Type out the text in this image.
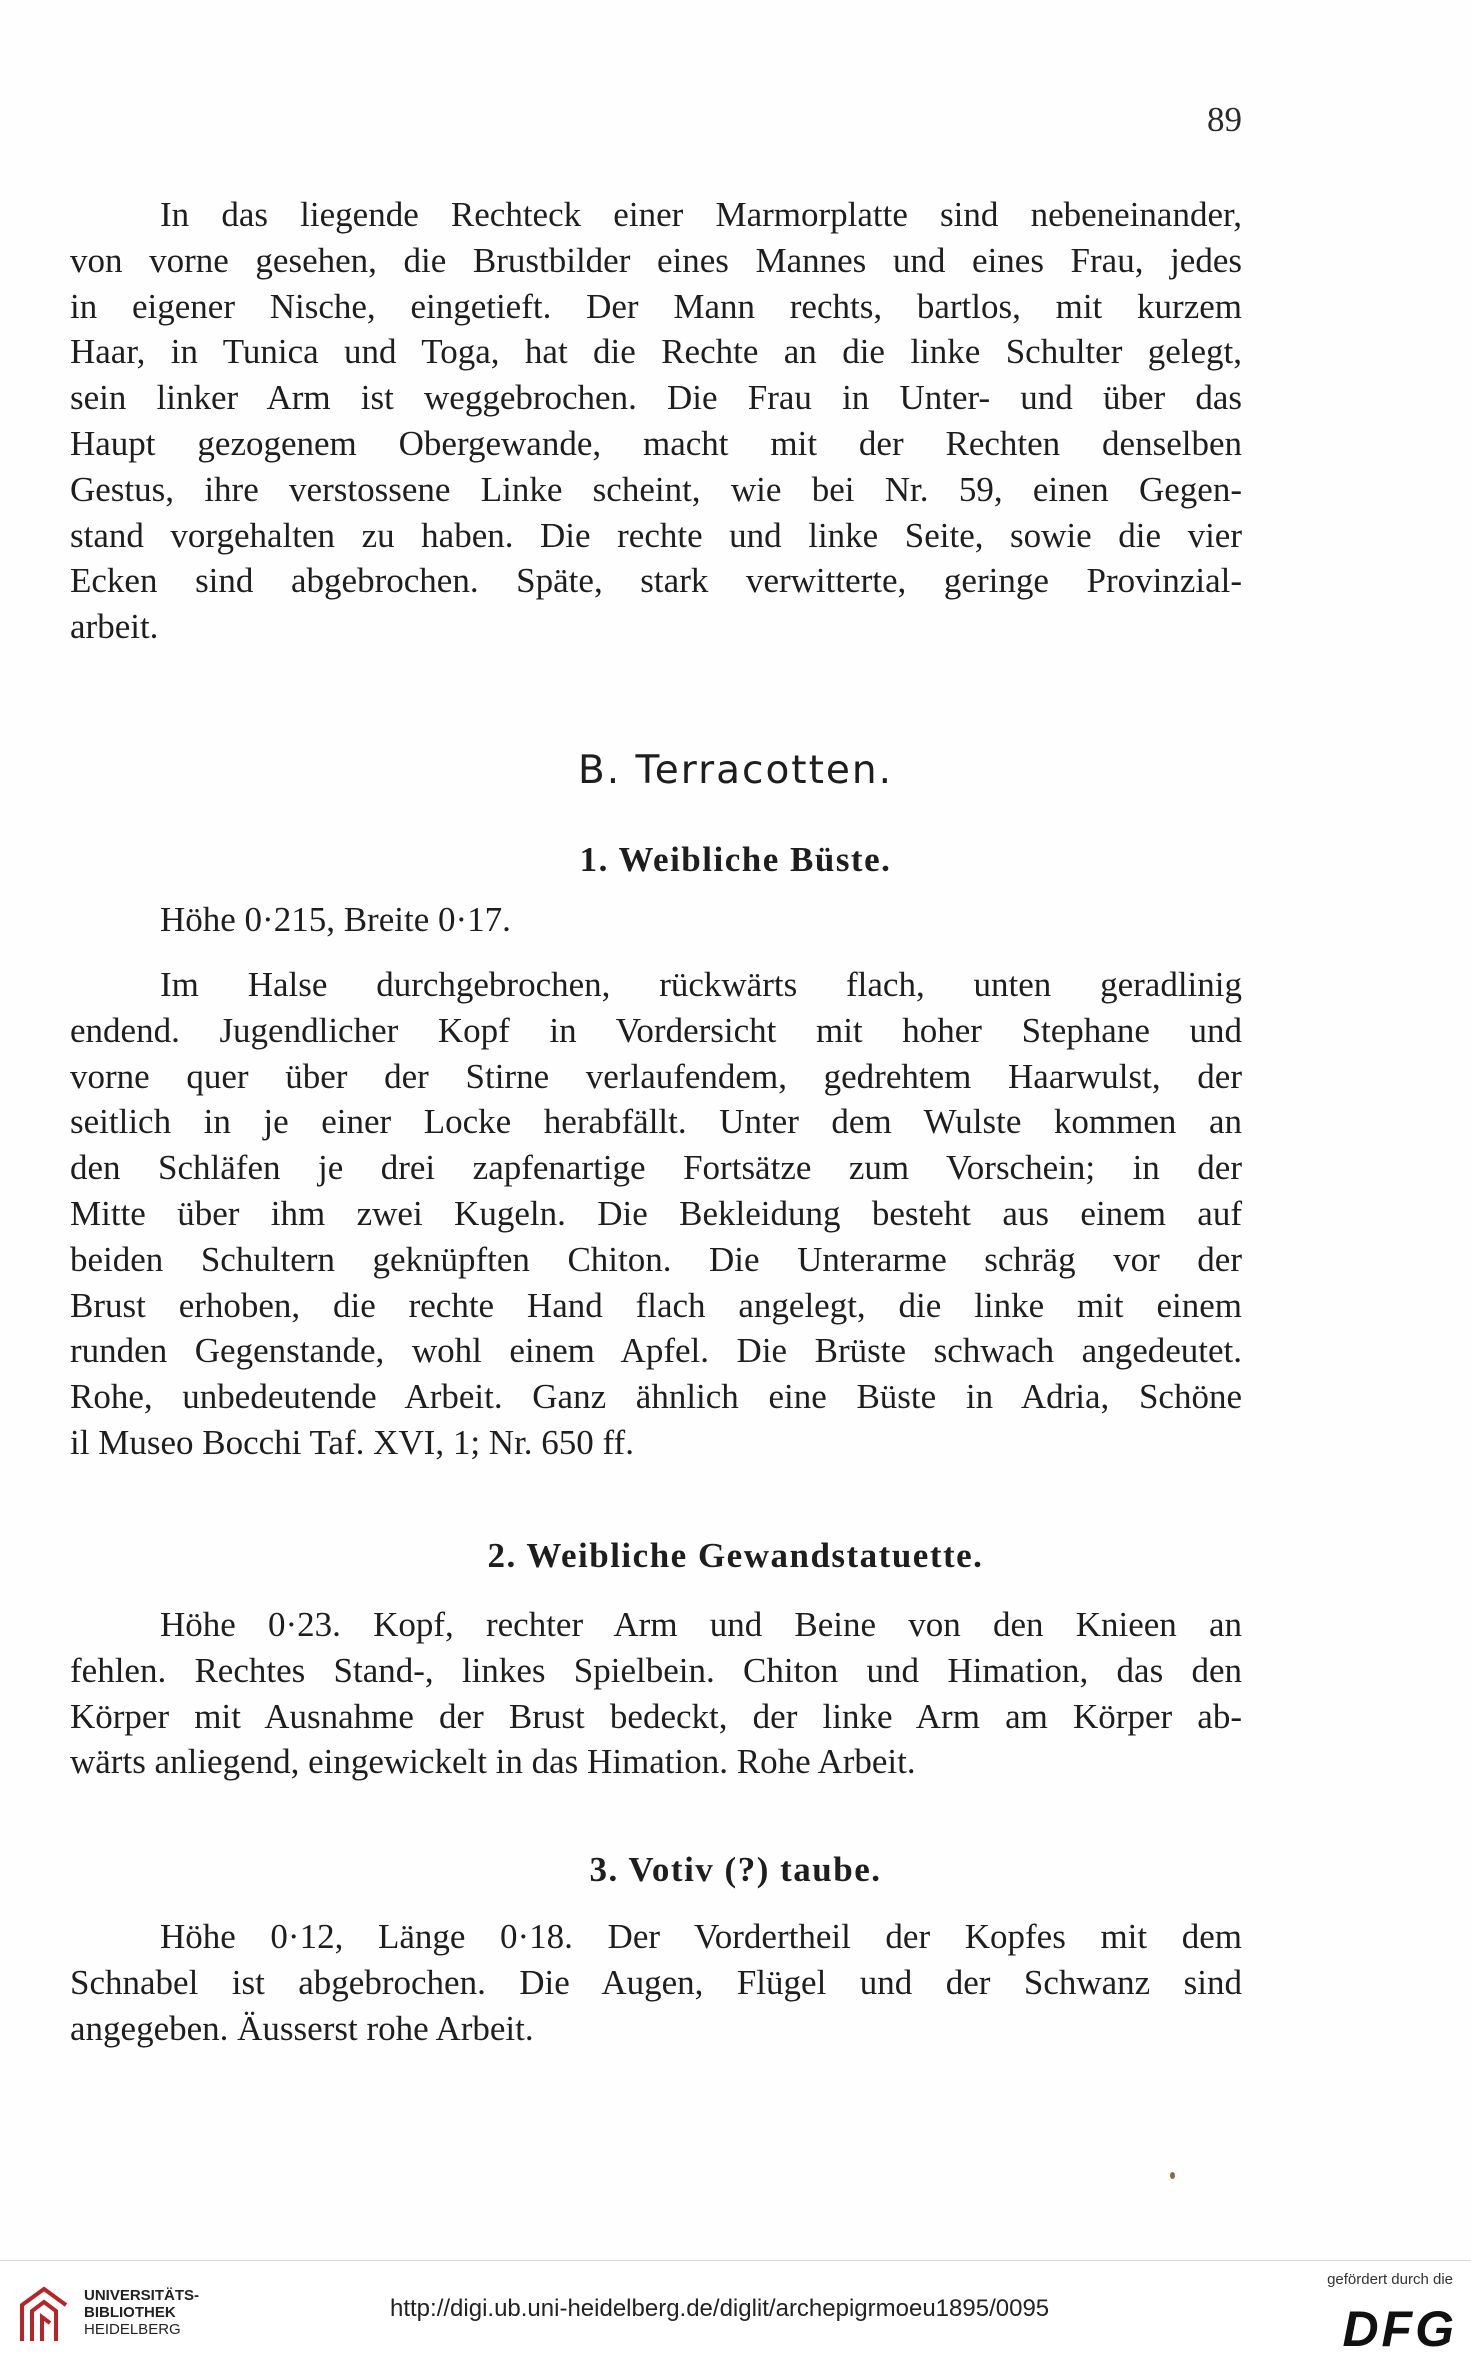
89
In das liegende Rechteck einer Marmorplatte sind nebeneinander,
von vorne gesehen, die Brustbilder eines Mannes und eines Frau, jedes
in eigener Nische, eingetieft. Der Mann rechts, bartlos, mit kurzem
Haar, in Tunica und Toga, hat die Rechte an die linke Schulter gelegt,
sein linker Arm ist weggebrochen. Die Frau in Unter- und über das
Haupt gezogenem Obergewande, macht mit der Rechten denselben
Gestus, ihre verstossene Linke scheint, wie bei Nr. 59, einen Gegen-
stand vorgehalten zu haben. Die rechte und linke Seite, sowie die vier
Ecken sind abgebrochen. Späte, stark verwitterte, geringe Provinzial-
arbeit.
B. Terracotten.
1. Weibliche Büste.
Höhe 0·215, Breite 0·17.
Im Halse durchgebrochen, rückwärts flach, unten geradlinig
endend. Jugendlicher Kopf in Vordersicht mit hoher Stephane und
vorne quer über der Stirne verlaufendem, gedrehtem Haarwulst, der
seitlich in je einer Locke herabfällt. Unter dem Wulste kommen an
den Schläfen je drei zapfenartige Fortsätze zum Vorschein; in der
Mitte über ihm zwei Kugeln. Die Bekleidung besteht aus einem auf
beiden Schultern geknüpften Chiton. Die Unterarme schräg vor der
Brust erhoben, die rechte Hand flach angelegt, die linke mit einem
runden Gegenstande, wohl einem Apfel. Die Brüste schwach angedeutet.
Rohe, unbedeutende Arbeit. Ganz ähnlich eine Büste in Adria, Schöne
il Museo Bocchi Taf. XVI, 1; Nr. 650 ff.
2. Weibliche Gewandstatuette.
Höhe 0·23. Kopf, rechter Arm und Beine von den Knieen an
fehlen. Rechtes Stand-, linkes Spielbein. Chiton und Himation, das den
Körper mit Ausnahme der Brust bedeckt, der linke Arm am Körper ab-
wärts anliegend, eingewickelt in das Himation. Rohe Arbeit.
3. Votiv (?) taube.
Höhe 0·12, Länge 0·18. Der Vordertheil der Kopfes mit dem
Schnabel ist abgebrochen. Die Augen, Flügel und der Schwanz sind
angegeben. Äusserst rohe Arbeit.
UNIVERSITÄTS-
BIBLIOTHEK
HEIDELBERG
http://digi.ub.uni-heidelberg.de/diglit/archepigrmoeu1895/0095
gefördert durch die
DFG
